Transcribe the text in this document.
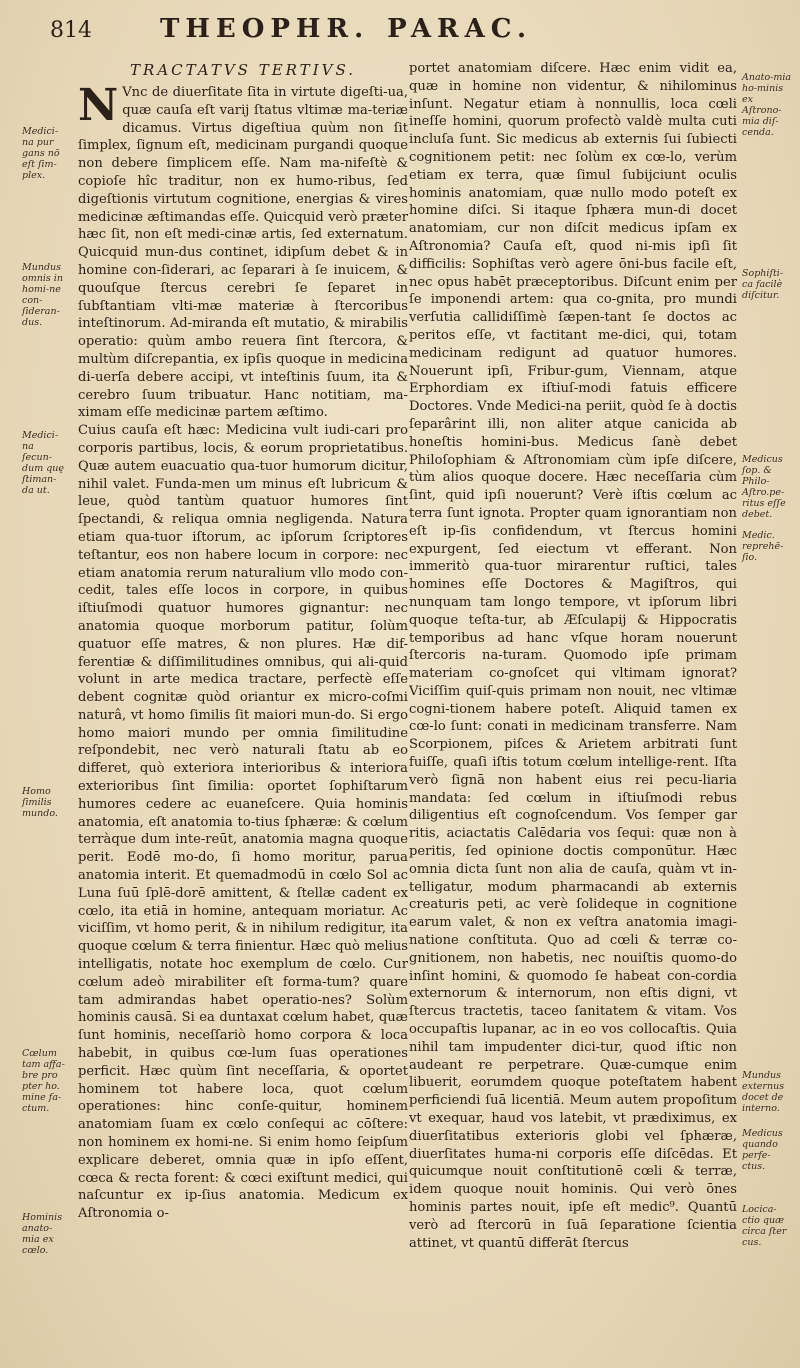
814	THEOPHR. PARAC.
TRACTATVS TERTIVS.

N Vnc de diuerſitate ſita in virtute digeſti-ua, quæ cauſa eſt varij ſtatus vltimæ ma-teriæ dicamus. Virtus digeſtiua quùm non ſit ſimplex, ſignum eſt, medicinam purgandi quoque non debere ſimplicem eſſe. Nam ma-nifeſtè & copioſe hîc traditur, non ex humo-ribus, ſed digeſtionis virtutum cognitione, energias & vires medicinæ æſtimandas eſſe. Quicquid verò præter hæc ſit, non eſt medi-cinæ artis, ſed externatum. Quicquid mun-dus continet, idipſum debet & in homine con-ſiderari, ac ſeparari à ſe inuicem, & quouſque ſtercus cerebri ſe ſeparet in ſubſtantiam vlti-mæ materiæ à ſtercoribus inteſtinorum. Ad-miranda eſt mutatio, & mirabilis operatio: quùm ambo reuera ſint ſtercora, & multùm diſcrepantia, ex ipſis quoque in medicina di-uerſa debere accipi, vt inteſtinis ſuum, ita & cerebro ſuum tribuatur. Hanc notitiam, ma-ximam eſſe medicinæ partem æſtimo.

Cuius cauſa eſt hæc: Medicina vult iudi-cari pro corporis partibus, locis, & eorum proprietatibus. Quæ autem euacuatio qua-tuor humorum dicitur, nihil valet. Funda-men um minus eſt lubricum & leue, quòd tantùm quatuor humores ſint ſpectandi, & reliqua omnia negligenda. Natura etiam qua-tuor iſtorum, ac ipſorum ſcriptores teſtantur, eos non habere locum in corpore: nec etiam anatomia rerum naturalium vllo modo con-cedit, tales eſſe locos in corpore, in quibus iſtiuſmodi quatuor humores gignantur: nec anatomia quoque morborum patitur, ſolùm quatuor eſſe matres, & non plures. Hæ dif-ferentiæ & diſſimilitudines omnibus, qui ali-quid volunt in arte medica tractare, perfectè eſſe debent cognitæ quòd oriantur ex micro-coſmi naturâ, vt homo ſimilis ſit maiori mun-do. Si ergo homo maiori mundo per omnia ſimilitudine reſpondebit, nec verò naturali ſtatu ab eo differet, quò exteriora interioribus & interiora exterioribus ſint ſimilia: oportet ſophiſtarum humores cedere ac euaneſcere. Quia hominis anatomia, eſt anatomia to-tius ſphæræ: & cœlum terràque dum inte-reūt, anatomia magna quoque perit. Eodē mo-do, ſi homo moritur, parua anatomia interit. Et quemadmodū in cœlo Sol ac Luna ſuū ſplē-dorē amittent, & ſtellæ cadent ex cœlo, ita etiā in homine, antequam moriatur. Ac viciſſim, vt homo perit, & in nihilum redigitur, ita quoque cœlum & terra finientur. Hæc quò melius intelligatis, notate hoc exemplum de cœlo. Cur cœlum adeò mirabiliter eſt forma-tum? quare tam admirandas habet operatio-nes? Solùm hominis causā. Si ea duntaxat cœlum habet, quæ ſunt hominis, neceſſariò homo corpora & loca habebit, in quibus cœ-lum ſuas operationes perficit. Hæc quùm ſint neceſſaria, & oportet hominem tot habere loca, quot cœlum operationes: hinc conſe-quitur, hominem anatomiam ſuam ex cœlo conſequi ac cōſtere: non hominem ex homi-ne. Si enim homo ſeipſum explicare deberet, omnia quæ in ipſo eſſent, cœca & recta forent: & cœci exiſtunt medici, qui naſcuntur ex ip-ſius anatomia. Medicum ex Aſtronomia o-

portet anatomiam diſcere. Hæc enim vidit ea, quæ in homine non videntur, & nihilominus inſunt. Negatur etiam à nonnullis, loca cœli ineſſe homini, quorum profectò valdè multa cuti incluſa ſunt. Sic medicus ab externis ſui ſubiecti cognitionem petit: nec ſolùm ex cœ-lo, verùm etiam ex terra, quæ ſimul ſubijciunt oculis hominis anatomiam, quæ nullo modo poteſt ex homine diſci. Si itaque ſphæra mun-di docet anatomiam, cur non diſcit medicus ipſam ex Aſtronomia? Cauſa eſt, quod ni-mis ipſi ſit difficilis: Sophiſtas verò agere ōni-bus facile eſt, nec opus habēt præceptoribus. Diſcunt enim per ſe imponendi artem: qua co-gnita, pro mundi verſutia callidiſſimè ſæpen-tant ſe doctos ac peritos eſſe, vt factitant me-dici, qui, totam medicinam redigunt ad quatuor humores. Nouerunt ipſi, Fribur-gum, Viennam, atque Erphordiam ex iſtiuſ-modi fatuis efficere Doctores. Vnde Medici-na periit, quòd ſe à doctis ſeparârint illi, non aliter atque canicida ab honeſtis homini-bus. Medicus ſanè debet Philoſophiam & Aſtronomiam cùm ipſe diſcere, tùm alios quoque docere. Hæc neceſſaria cùm ſint, quid ipſi nouerunt? Verè iſtis cœlum ac terra ſunt ignota. Propter quam ignorantiam non eſt ip-ſis confidendum, vt ſtercus homini expurgent, ſed eiectum vt efferant. Non immeritò qua-tuor mirarentur ruſtici, tales homines eſſe Doctores & Magiſtros, qui nunquam tam longo tempore, vt ipſorum libri quoque teſta-tur, ab Æſculapij & Hippocratis temporibus ad hanc vſque horam nouerunt ſtercoris na-turam. Quomodo ipſe primam materiam co-gnoſcet qui vltimam ignorat? Viciſſim quiſ-quis primam non nouit, nec vltimæ cogni-tionem habere poteſt. Aliquid tamen ex cœ-lo ſunt: conati in medicinam transferre. Nam Scorpionem, piſces & Arietem arbitrati ſunt fuiſſe, quaſi iſtis totum cœlum intellige-rent. Iſta verò ſignā non habent eius rei pecu-liaria mandata: ſed cœlum in iſtiuſmodi rebus diligentius eſt cognoſcendum. Vos ſemper gar ritis, aciactatis Calēdaria vos ſequi: quæ non à peritis, ſed opinione doctis componūtur. Hæc omnia dicta ſunt non alia de cauſa, quàm vt in-telligatur, modum pharmacandi ab externis creaturis peti, ac verè ſolideque in cognitione earum valet, & non ex veſtra anatomia imagi-natione conſtituta. Quo ad cœli & terræ co-gnitionem, non habetis, nec nouiſtis quomo-do inſint homini, & quomodo ſe habeat con-cordia externorum & internorum, non eſtis digni, vt ſtercus tractetis, taceo ſanitatem & vitam. Vos occupaſtis lupanar, ac in eo vos collocaſtis. Quia nihil tam impudenter dici-tur, quod iſtic non audeant re perpetrare. Quæ-cumque enim libuerit, eorumdem quoque poteſtatem habent perficiendi ſuā licentiā. Meum autem propoſitum vt exequar, haud vos latebit, vt prædiximus, ex diuerſitatibus exterioris globi vel ſphæræ, diuerſitates huma-ni corporis eſſe diſcēdas. Et quicumque nouit conſtitutionē cœli & terræ, idem quoque nouit hominis. Qui verò ōnes hominis partes nouit, ipſe eſt medic⁹. Quantū verò ad ſtercorū in ſuā ſeparatione ſcientia attinet, vt quantū differāt ſtercus

Medici-na pur gans nō eſt ſim-plex.
Mundus omnis in homi-ne con-ſideran-dus.
Medici-na ſecun-dum quę ſtiman-da ut.
Homo ſimilis mundo.
Cœlum tam affa-bre pro pter ho. mine fa-ctum.
Hominis anato-mia ex cœlo.
Anato-mia ho-minis ex Aſtrono-mia diſ-cenda.
Sophiſti-ca facilè diſcitur.
Medicus ſop. & Philo-Aſtro.pe-ritus eſſe debet.
Medic. reprehē-ſio.
Mundus externus docet de interno.
Medicus quando perfe-ctus.
Locica-ctio quæ circa ſter cus.
